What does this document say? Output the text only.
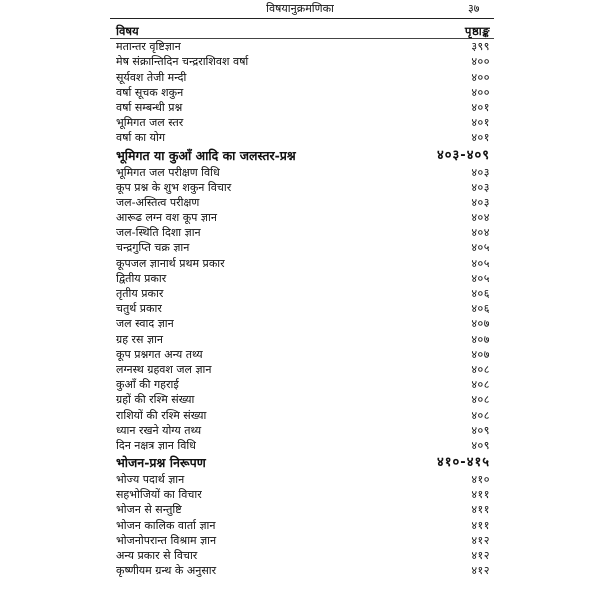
विषयानुक्रमणिका	३७
विषय	पृष्ठाङ्क
मतान्तर वृष्टिज्ञान	३९९
मेष संक्रान्तिदिन चन्द्रराशिवश वर्षा	४००
सूर्यवश तेजी मन्दी	४००
वर्षा सूचक शकुन	४००
वर्षा सम्बन्धी प्रश्न	४०१
भूमिगत जल स्तर	४०१
वर्षा का योग	४०१
भूमिगत या कुआँ आदि का जलस्तर-प्रश्न	४०३-४०९
भूमिगत जल परीक्षण विधि	४०३
कूप प्रश्न के शुभ शकुन विचार	४०३
जल-अस्तित्व परीक्षण	४०३
आरूढ लग्न वश कूप ज्ञान	४०४
जल-स्थिति दिशा ज्ञान	४०४
चन्द्रगुप्ति चक्र ज्ञान	४०५
कूपजल ज्ञानार्थ प्रथम प्रकार	४०५
द्वितीय प्रकार	४०५
तृतीय प्रकार	४०६
चतुर्थ प्रकार	४०६
जल स्वाद ज्ञान	४०७
ग्रह रस ज्ञान	४०७
कूप प्रश्नगत अन्य तथ्य	४०७
लग्नस्थ ग्रहवश जल ज्ञान	४०८
कुआँ की गहराई	४०८
ग्रहों की रश्मि संख्या	४०८
राशियों की रश्मि संख्या	४०८
ध्यान रखने योग्य तथ्य	४०९
दिन नक्षत्र ज्ञान विधि	४०९
भोजन-प्रश्न निरूपण	४१०-४१५
भोज्य पदार्थ ज्ञान	४१०
सहभोजियों का विचार	४११
भोजन से सन्तुष्टि	४११
भोजन कालिक वार्ता ज्ञान	४११
भोजनोपरान्त विश्राम ज्ञान	४१२
अन्य प्रकार से विचार	४१२
कृष्णीयम ग्रन्थ के अनुसार	४१२
